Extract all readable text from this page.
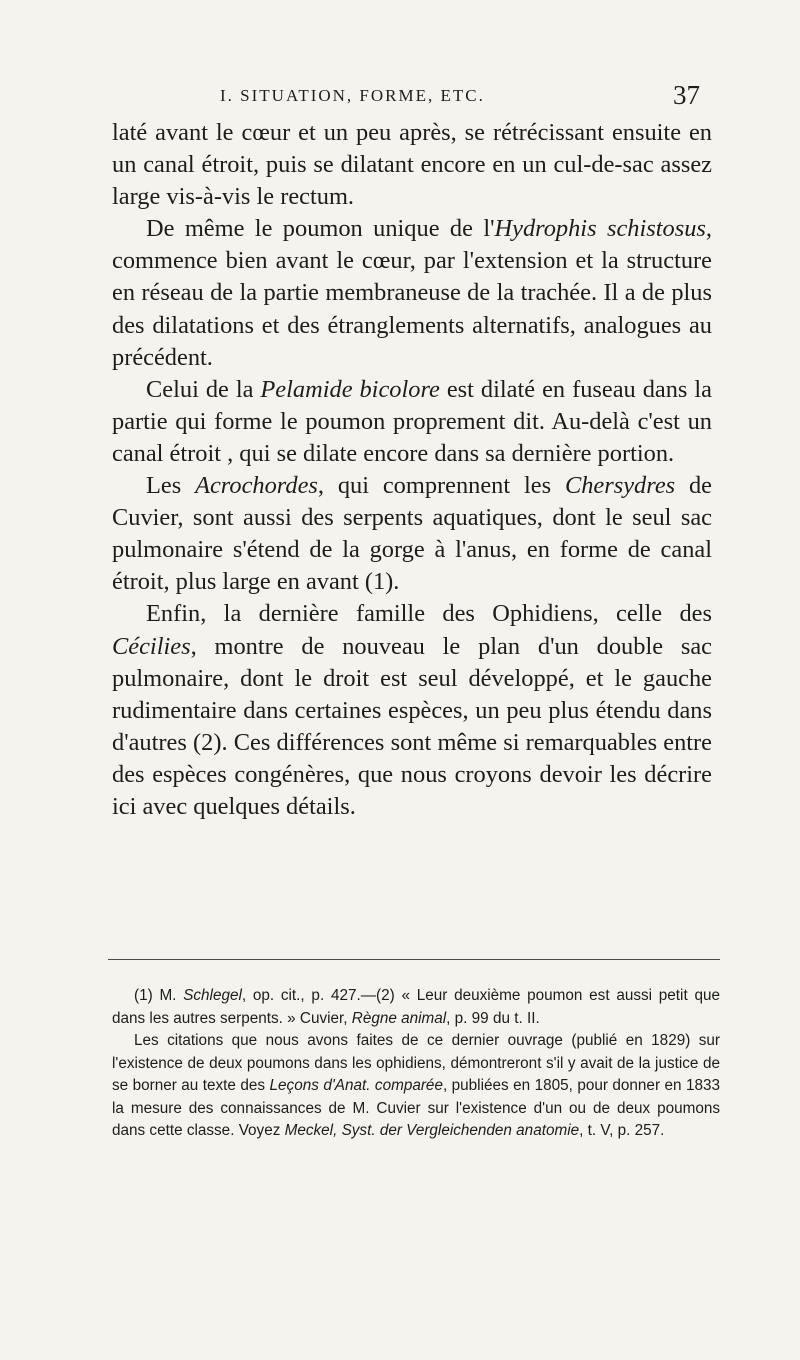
I. SITUATION, FORME, ETC.	37

laté avant le cœur et un peu après, se rétrécissant ensuite en un canal étroit, puis se dilatant encore en un cul-de-sac assez large vis-à-vis le rectum.

De même le poumon unique de l'Hydrophis schistosus, commence bien avant le cœur, par l'extension et la structure en réseau de la partie membraneuse de la trachée. Il a de plus des dilatations et des étranglements alternatifs, analogues au précédent.

Celui de la Pelamide bicolore est dilaté en fuseau dans la partie qui forme le poumon proprement dit. Au-delà c'est un canal étroit , qui se dilate encore dans sa dernière portion.

Les Acrochordes, qui comprennent les Chersydres de Cuvier, sont aussi des serpents aquatiques, dont le seul sac pulmonaire s'étend de la gorge à l'anus, en forme de canal étroit, plus large en avant (1).

Enfin, la dernière famille des Ophidiens, celle des Cécilies, montre de nouveau le plan d'un double sac pulmonaire, dont le droit est seul développé, et le gauche rudimentaire dans certaines espèces, un peu plus étendu dans d'autres (2). Ces différences sont même si remarquables entre des espèces congénères, que nous croyons devoir les décrire ici avec quelques détails.

(1) M. Schlegel, op. cit., p. 427.—(2) « Leur deuxième poumon est aussi petit que dans les autres serpents. » Cuvier, Règne animal, p. 99 du t. II.

Les citations que nous avons faites de ce dernier ouvrage (publié en 1829) sur l'existence de deux poumons dans les ophidiens, démontreront s'il y avait de la justice de se borner au texte des Leçons d'Anat. comparée, publiées en 1805, pour donner en 1833 la mesure des connaissances de M. Cuvier sur l'existence d'un ou de deux poumons dans cette classe. Voyez Meckel, Syst. der Vergleichenden anatomie, t. V, p. 257.
